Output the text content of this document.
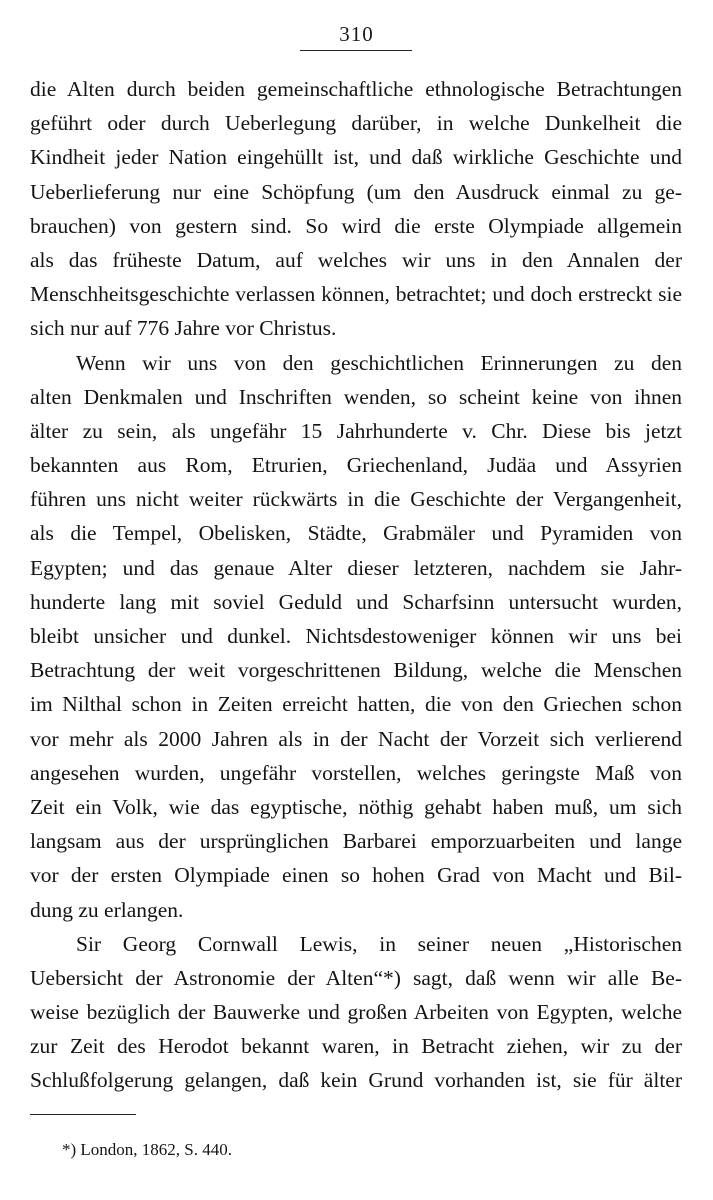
310
die Alten durch beiden gemeinschaftliche ethnologische Betrachtungen
geführt oder durch Ueberlegung darüber, in welche Dunkelheit die
Kindheit jeder Nation eingehüllt ist, und daß wirkliche Geschichte und
Ueberlieferung nur eine Schöpfung (um den Ausdruck einmal zu ge-
brauchen) von gestern sind. So wird die erste Olympiade allgemein
als das früheste Datum, auf welches wir uns in den Annalen der
Menschheitsgeschichte verlassen können, betrachtet; und doch erstreckt sie
sich nur auf 776 Jahre vor Christus.
Wenn wir uns von den geschichtlichen Erinnerungen zu den
alten Denkmalen und Inschriften wenden, so scheint keine von ihnen
älter zu sein, als ungefähr 15 Jahrhunderte v. Chr. Diese bis jetzt
bekannten aus Rom, Etrurien, Griechenland, Judäa und Assyrien
führen uns nicht weiter rückwärts in die Geschichte der Vergangenheit,
als die Tempel, Obelisken, Städte, Grabmäler und Pyramiden von
Egypten; und das genaue Alter dieser letzteren, nachdem sie Jahr-
hunderte lang mit soviel Geduld und Scharfsinn untersucht wurden,
bleibt unsicher und dunkel. Nichtsdestoweniger können wir uns bei
Betrachtung der weit vorgeschrittenen Bildung, welche die Menschen
im Nilthal schon in Zeiten erreicht hatten, die von den Griechen schon
vor mehr als 2000 Jahren als in der Nacht der Vorzeit sich verlierend
angesehen wurden, ungefähr vorstellen, welches geringste Maß von
Zeit ein Volk, wie das egyptische, nöthig gehabt haben muß, um sich
langsam aus der ursprünglichen Barbarei emporzuarbeiten und lange
vor der ersten Olympiade einen so hohen Grad von Macht und Bil-
dung zu erlangen.
Sir Georg Cornwall Lewis, in seiner neuen „Historischen
Uebersicht der Astronomie der Alten“*) sagt, daß wenn wir alle Be-
weise bezüglich der Bauwerke und großen Arbeiten von Egypten, welche
zur Zeit des Herodot bekannt waren, in Betracht ziehen, wir zu der
Schlußfolgerung gelangen, daß kein Grund vorhanden ist, sie für älter
*) London, 1862, S. 440.
